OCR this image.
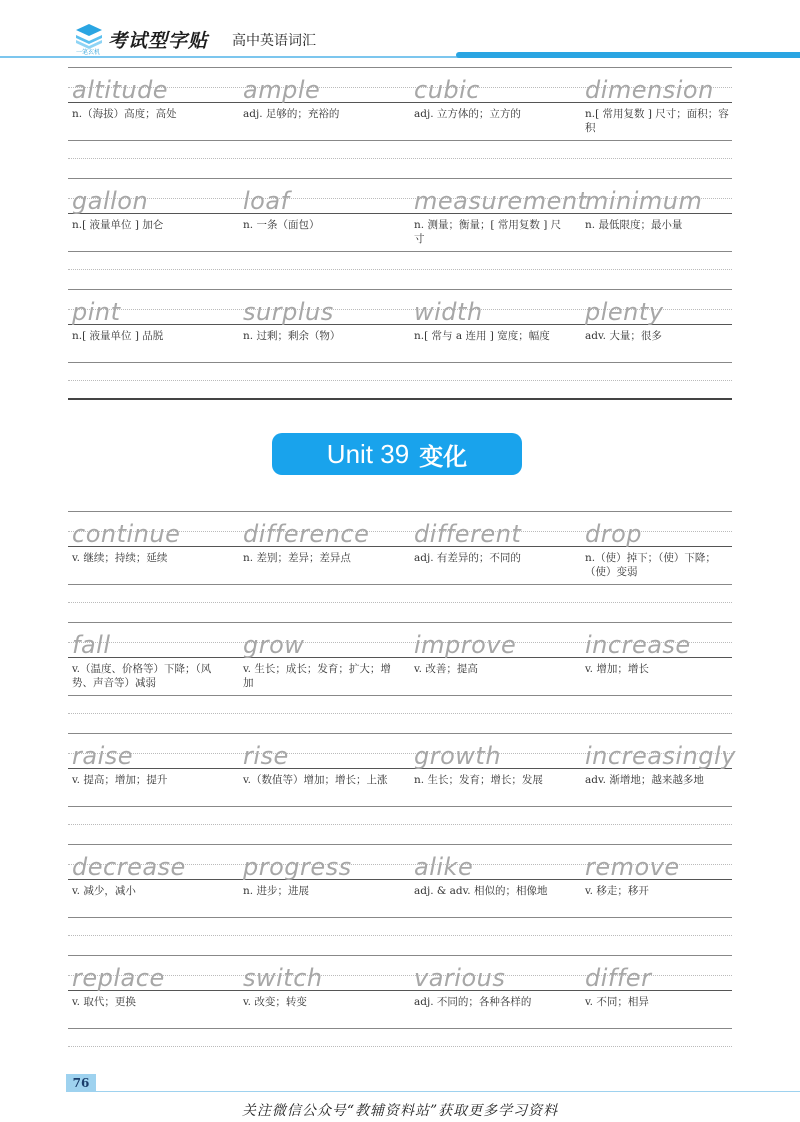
一笔玄机
考试型字贴 高中英语词汇
altitude
n.（海拔）高度；高处
ample
adj. 足够的；充裕的
cubic
adj. 立方体的；立方的
dimension
n.[ 常用复数 ] 尺寸；面积；容积
gallon
n.[ 液量单位 ] 加仑
loaf
n. 一条（面包）
measurement
n. 测量；衡量；[ 常用复数 ] 尺寸
minimum
n. 最低限度；最小量
pint
n.[ 液量单位 ] 品脱
surplus
n. 过剩；剩余（物）
width
n.[ 常与 a 连用 ] 宽度；幅度
plenty
adv. 大量；很多
Unit 39 变化
continue
v. 继续；持续；延续
difference
n. 差别；差异；差异点
different
adj. 有差异的；不同的
drop
n.（使）掉下；（使）下降；（使）变弱
fall
v.（温度、价格等）下降；（风势、声音等）减弱
grow
v. 生长；成长；发育；扩大；增加
improve
v. 改善；提高
increase
v. 增加；增长
raise
v. 提高；增加；提升
rise
v.（数值等）增加；增长；上涨
growth
n. 生长；发育；增长；发展
increasingly
adv. 渐增地；越来越多地
decrease
v. 减少，减小
progress
n. 进步；进展
alike
adj. & adv. 相似的；相像地
remove
v. 移走；移开
replace
v. 取代；更换
switch
v. 改变；转变
various
adj. 不同的；各种各样的
differ
v. 不同；相异
76
关注微信公众号“教辅资料站”获取更多学习资料
